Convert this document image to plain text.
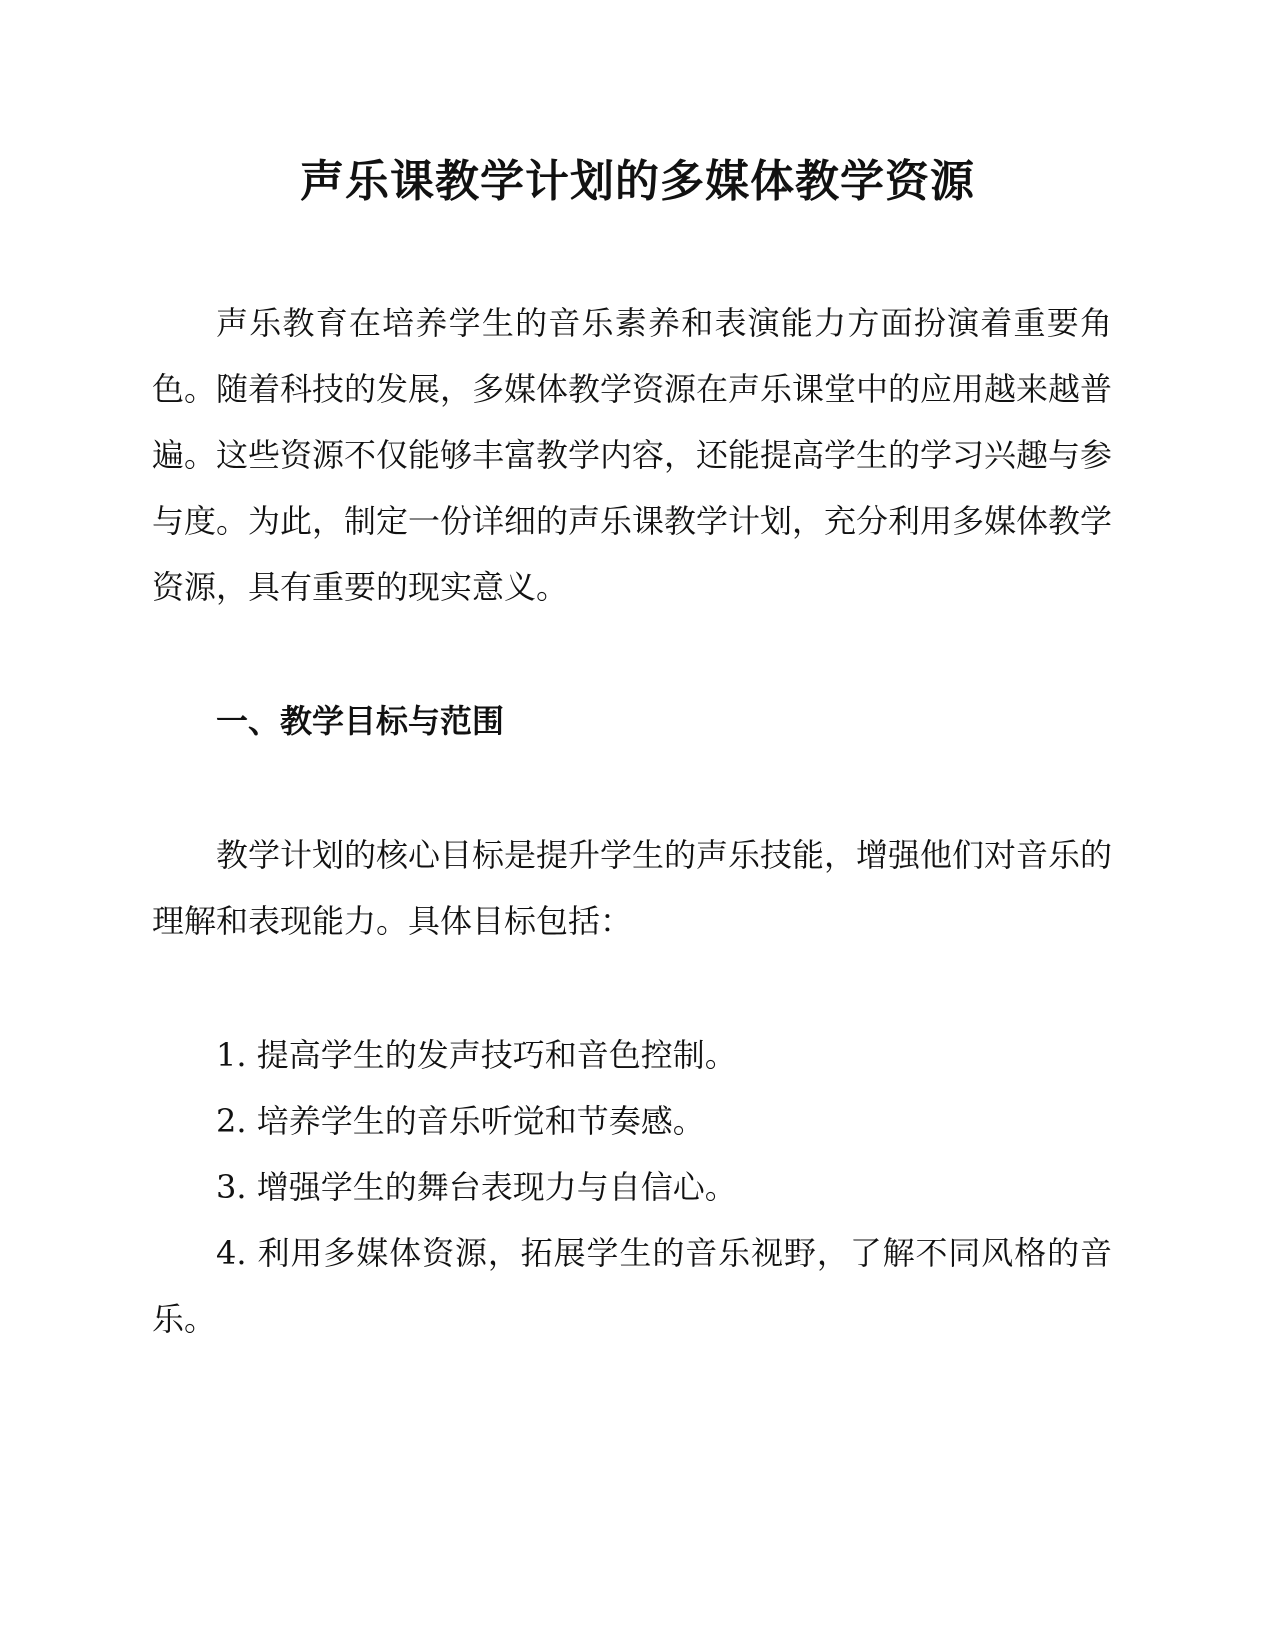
声乐课教学计划的多媒体教学资源

声乐教育在培养学生的音乐素养和表演能力方面扮演着重要角色。随着科技的发展，多媒体教学资源在声乐课堂中的应用越来越普遍。这些资源不仅能够丰富教学内容，还能提高学生的学习兴趣与参与度。为此，制定一份详细的声乐课教学计划，充分利用多媒体教学资源，具有重要的现实意义。

一、教学目标与范围

教学计划的核心目标是提升学生的声乐技能，增强他们对音乐的理解和表现能力。具体目标包括：

1. 提高学生的发声技巧和音色控制。
2. 培养学生的音乐听觉和节奏感。
3. 增强学生的舞台表现力与自信心。
4. 利用多媒体资源，拓展学生的音乐视野，了解不同风格的音乐。
